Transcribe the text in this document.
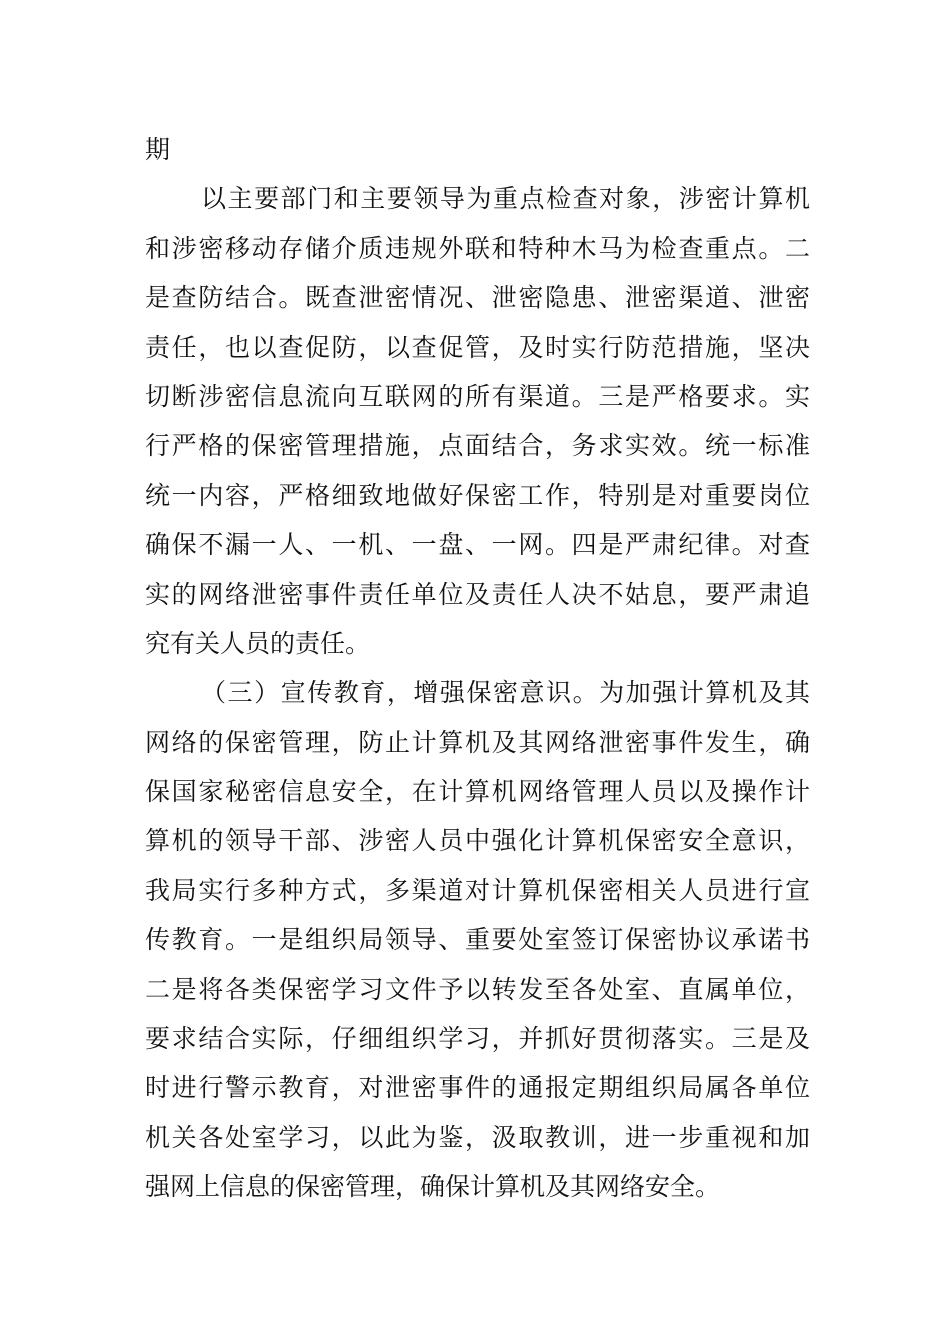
期
以主要部门和主要领导为重点检查对象，涉密计算机
和涉密移动存储介质违规外联和特种木马为检查重点。二
是查防结合。既查泄密情况、泄密隐患、泄密渠道、泄密
责任，也以查促防，以查促管，及时实行防范措施，坚决
切断涉密信息流向互联网的所有渠道。三是严格要求。实
行严格的保密管理措施，点面结合，务求实效。统一标准
统一内容，严格细致地做好保密工作，特别是对重要岗位
确保不漏一人、一机、一盘、一网。四是严肃纪律。对查
实的网络泄密事件责任单位及责任人决不姑息，要严肃追
究有关人员的责任。
（三）宣传教育，增强保密意识。为加强计算机及其
网络的保密管理，防止计算机及其网络泄密事件发生，确
保国家秘密信息安全，在计算机网络管理人员以及操作计
算机的领导干部、涉密人员中强化计算机保密安全意识，
我局实行多种方式，多渠道对计算机保密相关人员进行宣
传教育。一是组织局领导、重要处室签订保密协议承诺书
二是将各类保密学习文件予以转发至各处室、直属单位，
要求结合实际，仔细组织学习，并抓好贯彻落实。三是及
时进行警示教育，对泄密事件的通报定期组织局属各单位
机关各处室学习，以此为鉴，汲取教训，进一步重视和加
强网上信息的保密管理，确保计算机及其网络安全。
